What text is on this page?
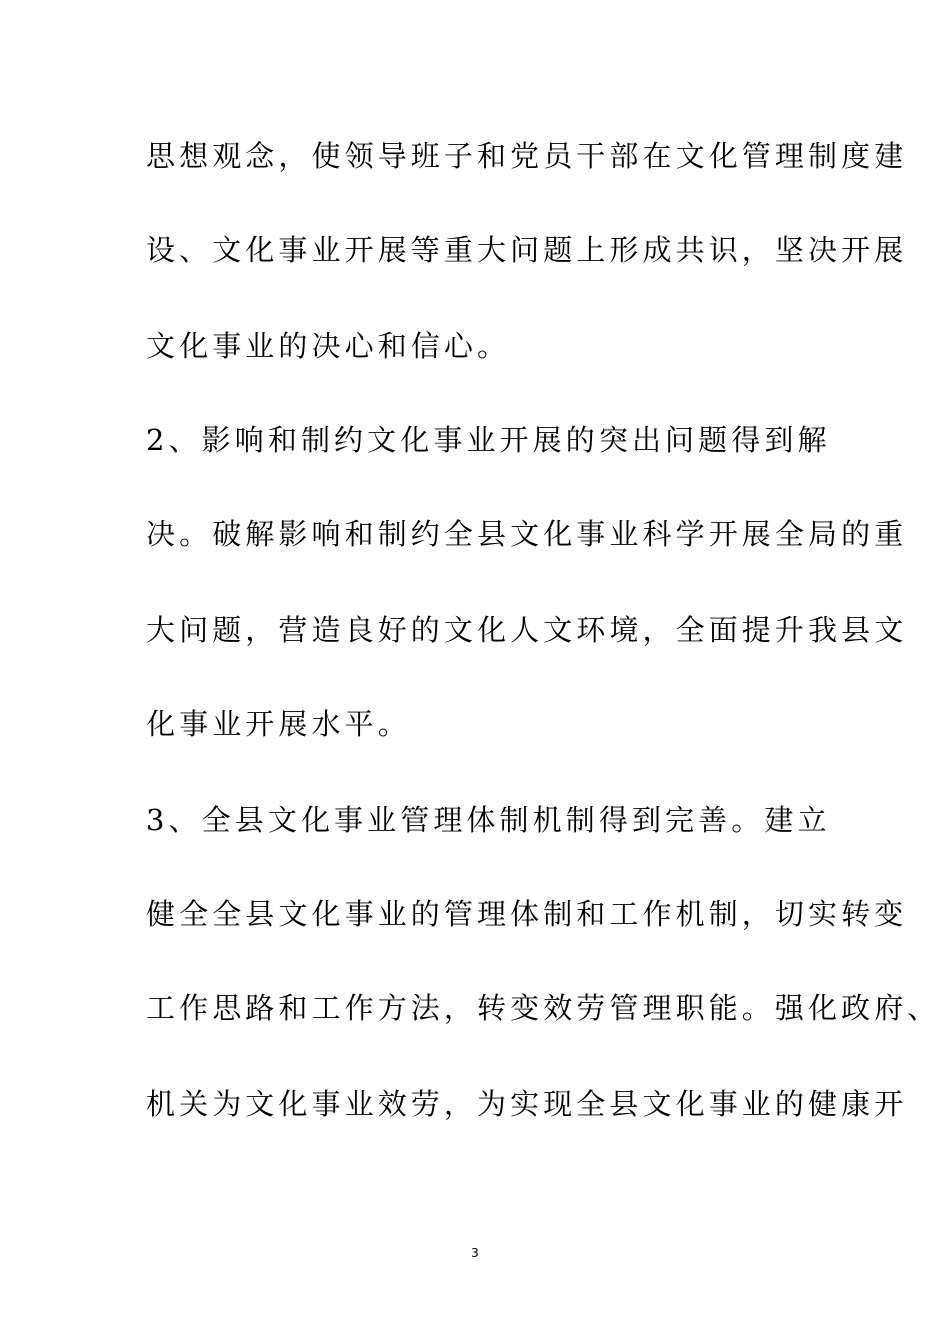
思想观念，使领导班子和党员干部在文化管理制度建
设、文化事业开展等重大问题上形成共识，坚决开展
文化事业的决心和信心。
2、影响和制约文化事业开展的突出问题得到解
决。破解影响和制约全县文化事业科学开展全局的重
大问题，营造良好的文化人文环境，全面提升我县文
化事业开展水平。
3、全县文化事业管理体制机制得到完善。建立
健全全县文化事业的管理体制和工作机制，切实转变
工作思路和工作方法，转变效劳管理职能。强化政府、
机关为文化事业效劳，为实现全县文化事业的健康开
3
